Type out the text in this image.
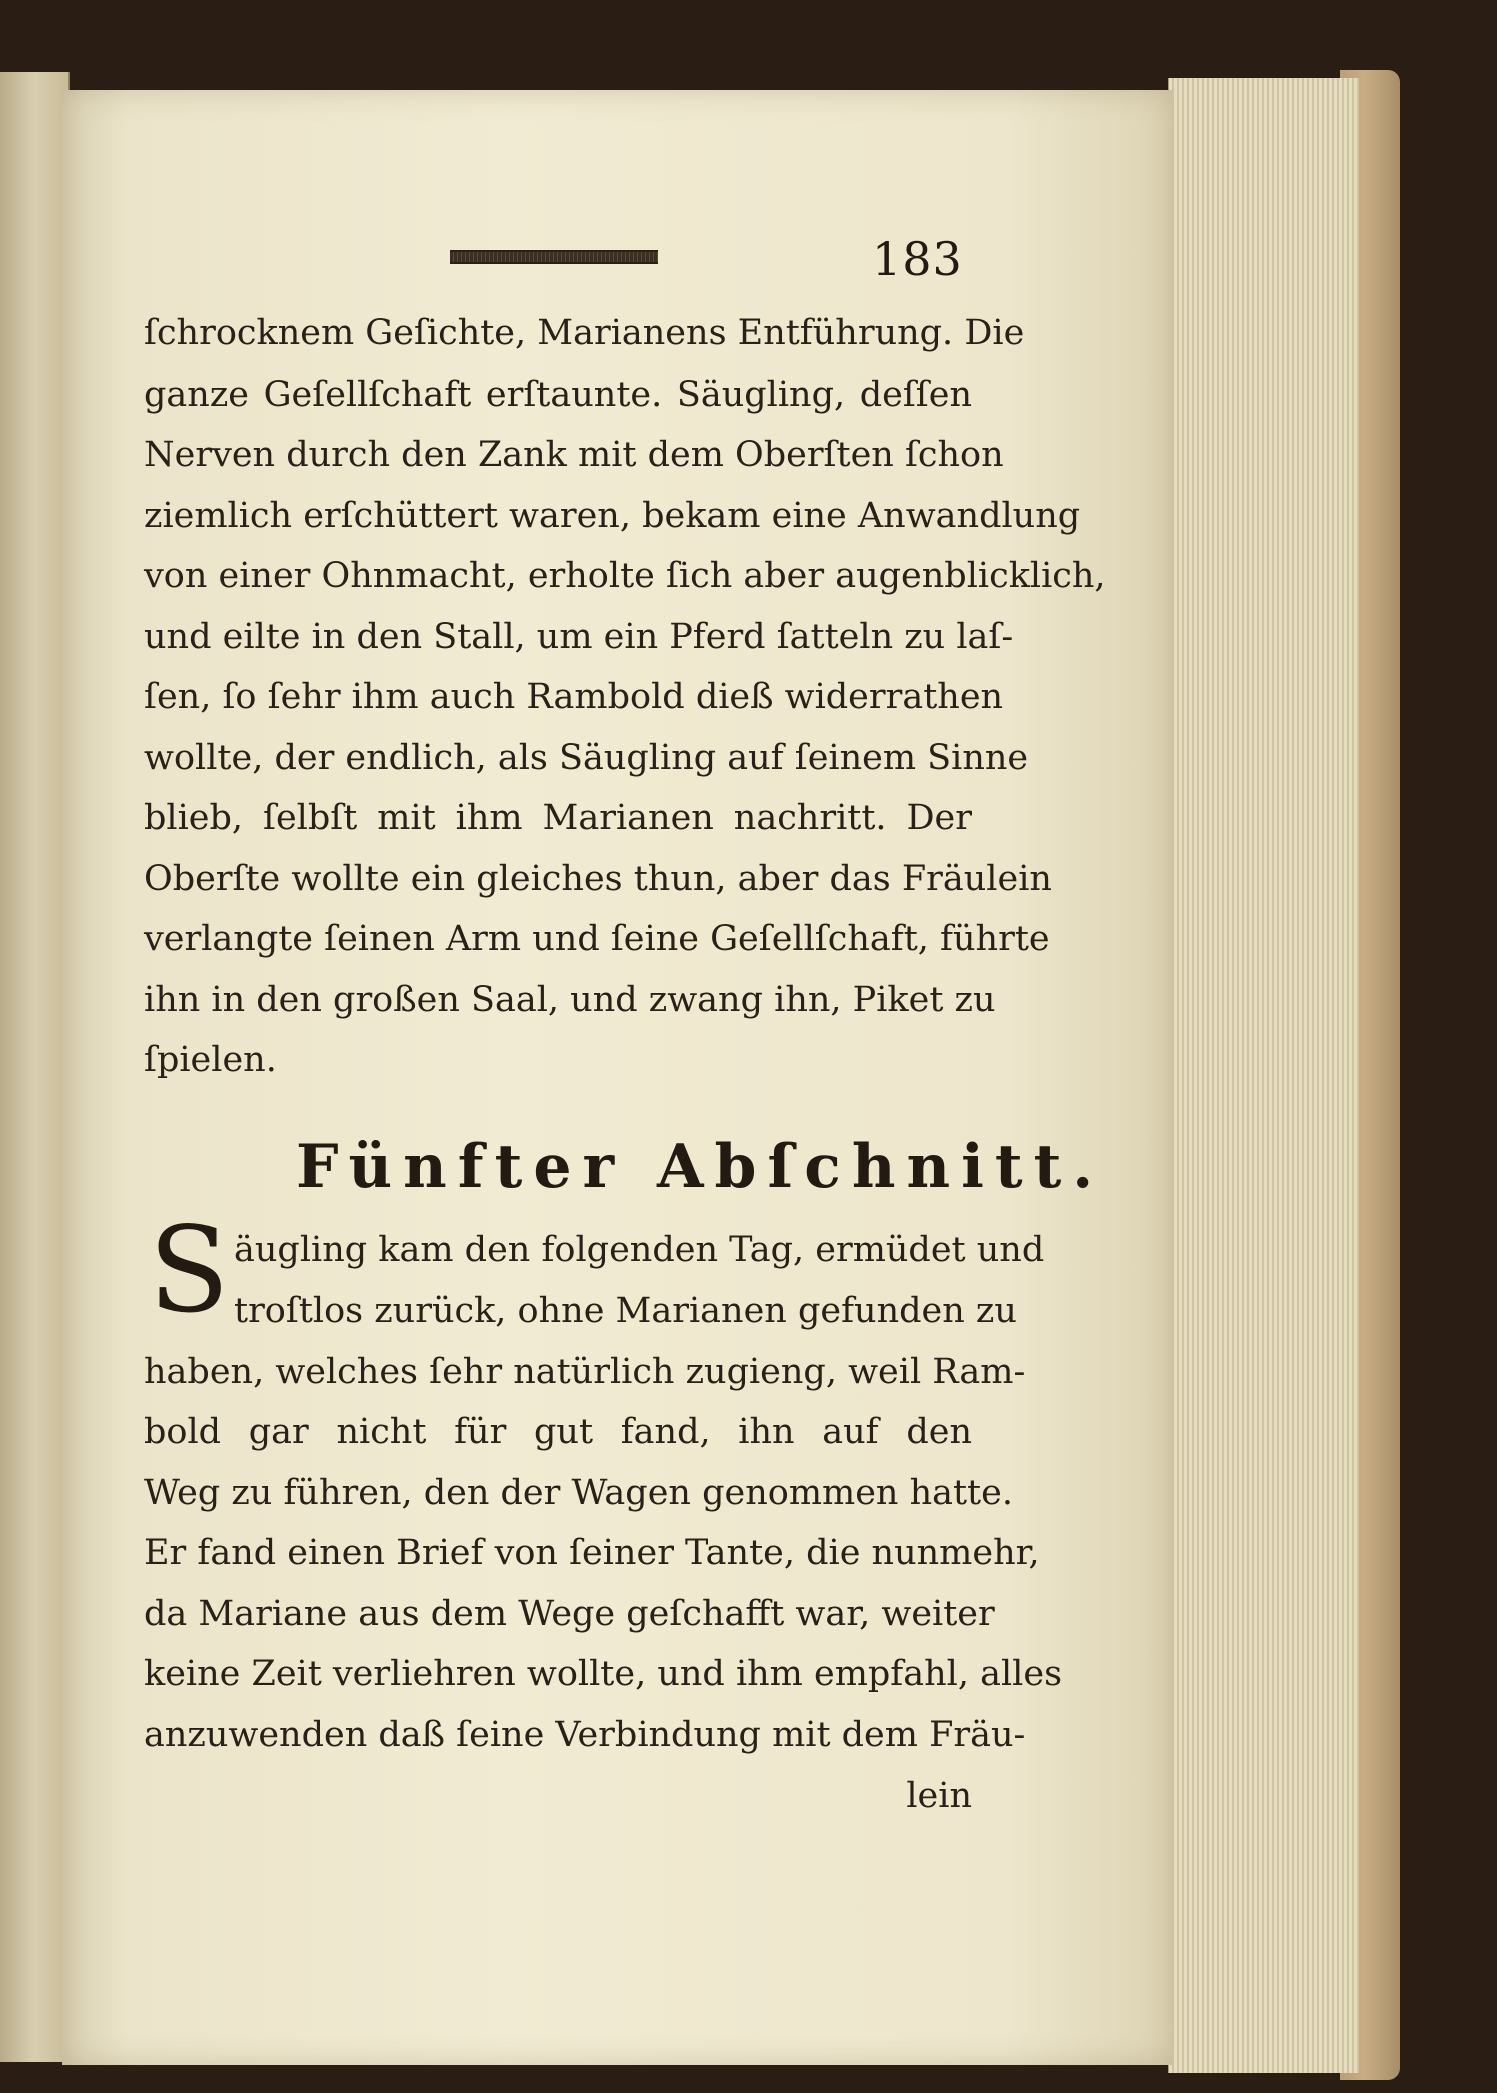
183
ſchrocknem Geſichte, Marianens Entführung. Die
ganze Geſellſchaft erſtaunte. Säugling, deſſen
Nerven durch den Zank mit dem Oberſten ſchon
ziemlich erſchüttert waren, bekam eine Anwandlung
von einer Ohnmacht, erholte ſich aber augenblicklich,
und eilte in den Stall, um ein Pferd ſatteln zu laſ-
ſen, ſo ſehr ihm auch Rambold dieß widerrathen
wollte, der endlich, als Säugling auf ſeinem Sinne
blieb, ſelbſt mit ihm Marianen nachritt. Der
Oberſte wollte ein gleiches thun, aber das Fräulein
verlangte ſeinen Arm und ſeine Geſellſchaft, führte
ihn in den großen Saal, und zwang ihn, Piket zu
ſpielen.
Fünfter Abſchnitt.
S äugling kam den folgenden Tag, ermüdet und
troſtlos zurück, ohne Marianen gefunden zu
haben, welches ſehr natürlich zugieng, weil Ram-
bold gar nicht für gut fand, ihn auf den
Weg zu führen, den der Wagen genommen hatte.
Er fand einen Brief von ſeiner Tante, die nunmehr,
da Mariane aus dem Wege geſchafft war, weiter
keine Zeit verliehren wollte, und ihm empfahl, alles
anzuwenden daß ſeine Verbindung mit dem Fräu-
lein
